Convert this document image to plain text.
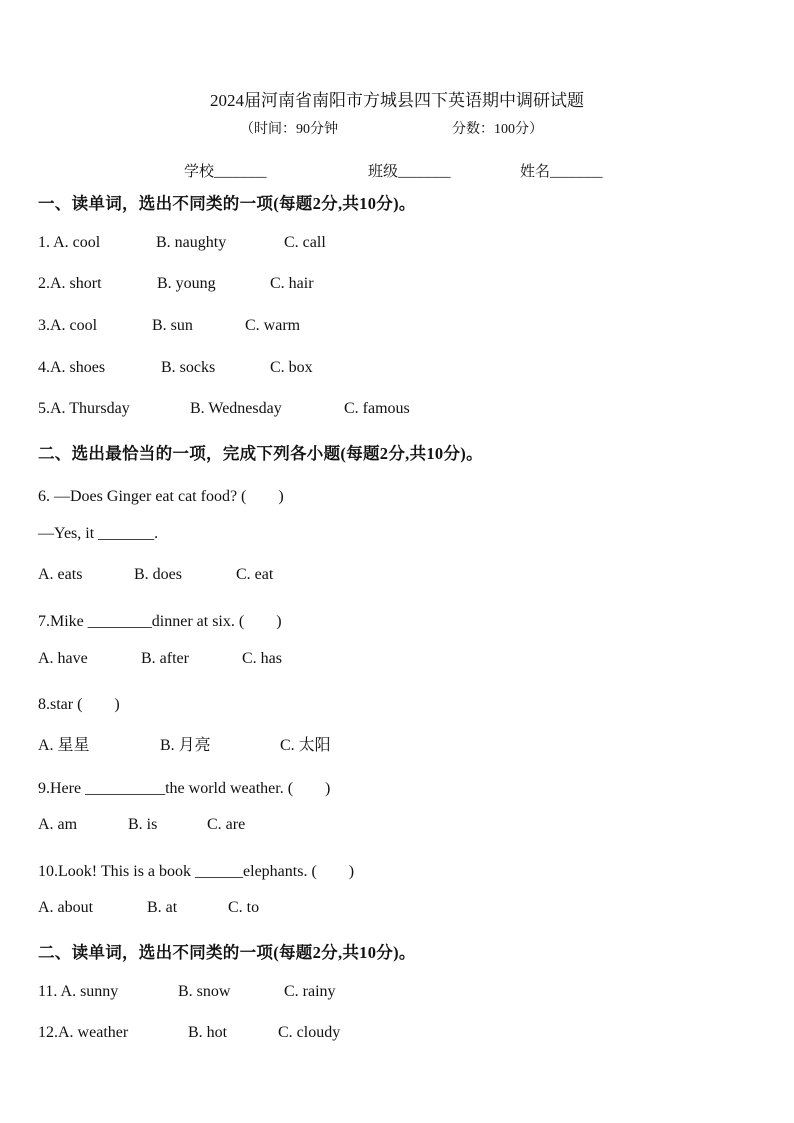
2024届河南省南阳市方城县四下英语期中调研试题
（时间：90分钟	分数：100分）
学校_______	班级_______	姓名_______
一、读单词，选出不同类的一项(每题2分,共10分)。
1. A. cool	B. naughty	C. call
2.A. short	B. young	C. hair
3.A. cool	B. sun	C. warm
4.A. shoes	B. socks	C. box
5.A. Thursday	B. Wednesday	C. famous
二、选出最恰当的一项，完成下列各小题(每题2分,共10分)。
6. —Does Ginger eat cat food? (　　)
—Yes, it _______.
A. eats	B. does	C. eat
7.Mike ________dinner at six. (　　)
A. have	B. after	C. has
8.star (　　)
A. 星星	B. 月亮	C. 太阳
9.Here __________the world weather. (　　)
A. am	B. is	C. are
10.Look! This is a book ______elephants. (　　)
A. about	B. at	C. to
二、读单词，选出不同类的一项(每题2分,共10分)。
11. A. sunny	B. snow	C. rainy
12.A. weather	B. hot	C. cloudy
